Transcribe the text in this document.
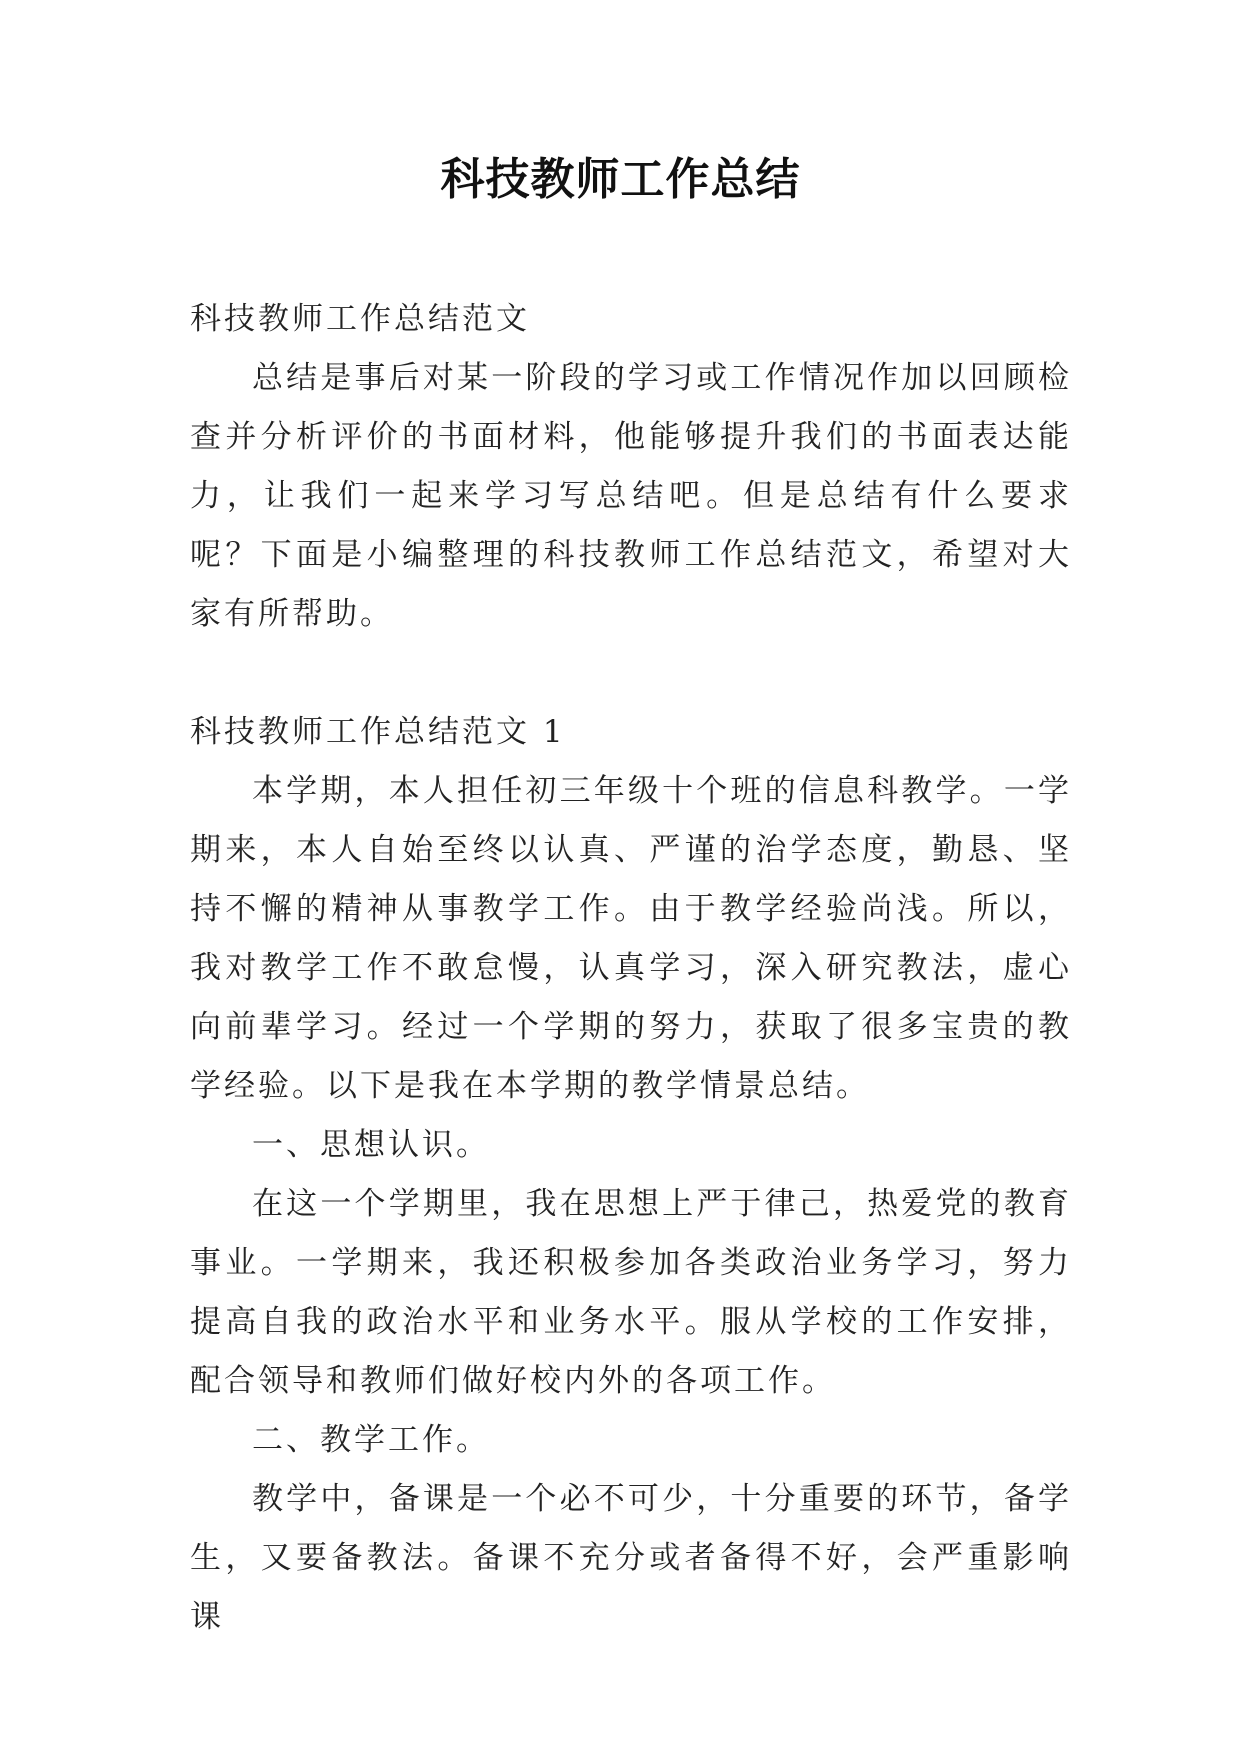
科技教师工作总结

科技教师工作总结范文

总结是事后对某一阶段的学习或工作情况作加以回顾检查并分析评价的书面材料，他能够提升我们的书面表达能力，让我们一起来学习写总结吧。但是总结有什么要求呢？下面是小编整理的科技教师工作总结范文，希望对大家有所帮助。

科技教师工作总结范文 1

本学期，本人担任初三年级十个班的信息科教学。一学期来，本人自始至终以认真、严谨的治学态度，勤恳、坚持不懈的精神从事教学工作。由于教学经验尚浅。所以，我对教学工作不敢怠慢，认真学习，深入研究教法，虚心向前辈学习。经过一个学期的努力，获取了很多宝贵的教学经验。以下是我在本学期的教学情景总结。

一、思想认识。

在这一个学期里，我在思想上严于律己，热爱党的教育事业。一学期来，我还积极参加各类政治业务学习，努力提高自我的政治水平和业务水平。服从学校的工作安排，配合领导和教师们做好校内外的各项工作。

二、教学工作。

教学中，备课是一个必不可少，十分重要的环节，备学生，又要备教法。备课不充分或者备得不好，会严重影响课
